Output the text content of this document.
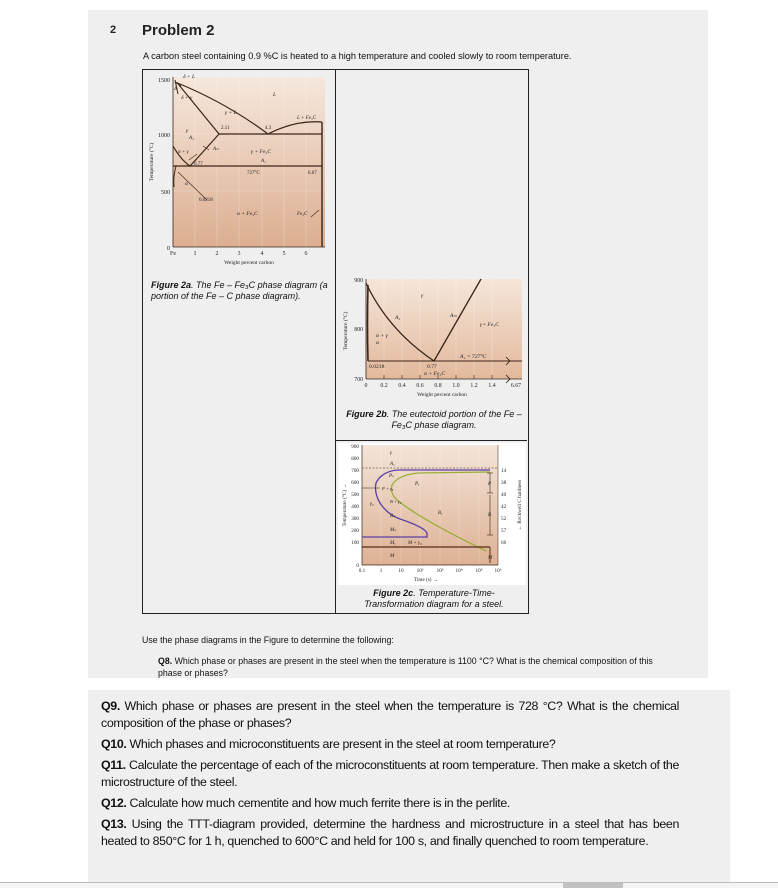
2 Problem 2
A carbon steel containing 0.9 %C is heated to a high temperature and cooled slowly to room temperature.
1500
1000
500
0
Fe	1	2	3	4	5	6
Weight percent carbon
Temperature (°C)
δ + L
δ
δ + γ	L
γ + L
L + Fe₃C
2.11	4.3
γ
A₃
Aₘ
α + γ	γ + Fe₃C
A₁
0.77
727°C	6.67
α
0.0218
α + Fe₃C	Fe₃C
Figure 2a. The Fe – Fe₃C phase diagram (a portion of the Fe – C phase diagram).
900
800
700
0 0.2 0.4 0.6 0.8 1.0 1.2 1.4	6.67
Weight percent carbon
Temperature (°C)
γ
A₃	Aₘ
γ+ Fe₃C
α + γ
α
A₁ = 727°C
0.0218	0.77
α + Fe₃C
Figure 2b. The eutectoid portion of the Fe – Fe₃C phase diagram.
900
800
700
600
500
400
300
200
100
0
0.1	1	10	10²	10³ 10⁴	10⁵ 10⁶
Time (s) →
Temperature (°C) →	← Rockwell C hardness
14
38
40
42
52
57
66
γ
A₁
Pₛ
Pₓ
P + γ₀
γ₀
B + γ₀
Bₛ
Bₓ
Mₛ
Mₓ M + γ₀
M
P
B
M
Figure 2c. Temperature-Time-Transformation diagram for a steel.
Use the phase diagrams in the Figure to determine the following:
Q8. Which phase or phases are present in the steel when the temperature is 1100 °C? What is the chemical composition of this phase or phases?

Q9. Which phase or phases are present in the steel when the temperature is 728 °C? What is the chemical composition of the phase or phases?

Q10. Which phases and microconstituents are present in the steel at room temperature?

Q11. Calculate the percentage of each of the microconstituents at room temperature. Then make a sketch of the microstructure of the steel.

Q12. Calculate how much cementite and how much ferrite there is in the perlite.

Q13. Using the TTT-diagram provided, determine the hardness and microstructure in a steel that has been heated to 850°C for 1 h, quenched to 600°C and held for 100 s, and finally quenched to room temperature.
